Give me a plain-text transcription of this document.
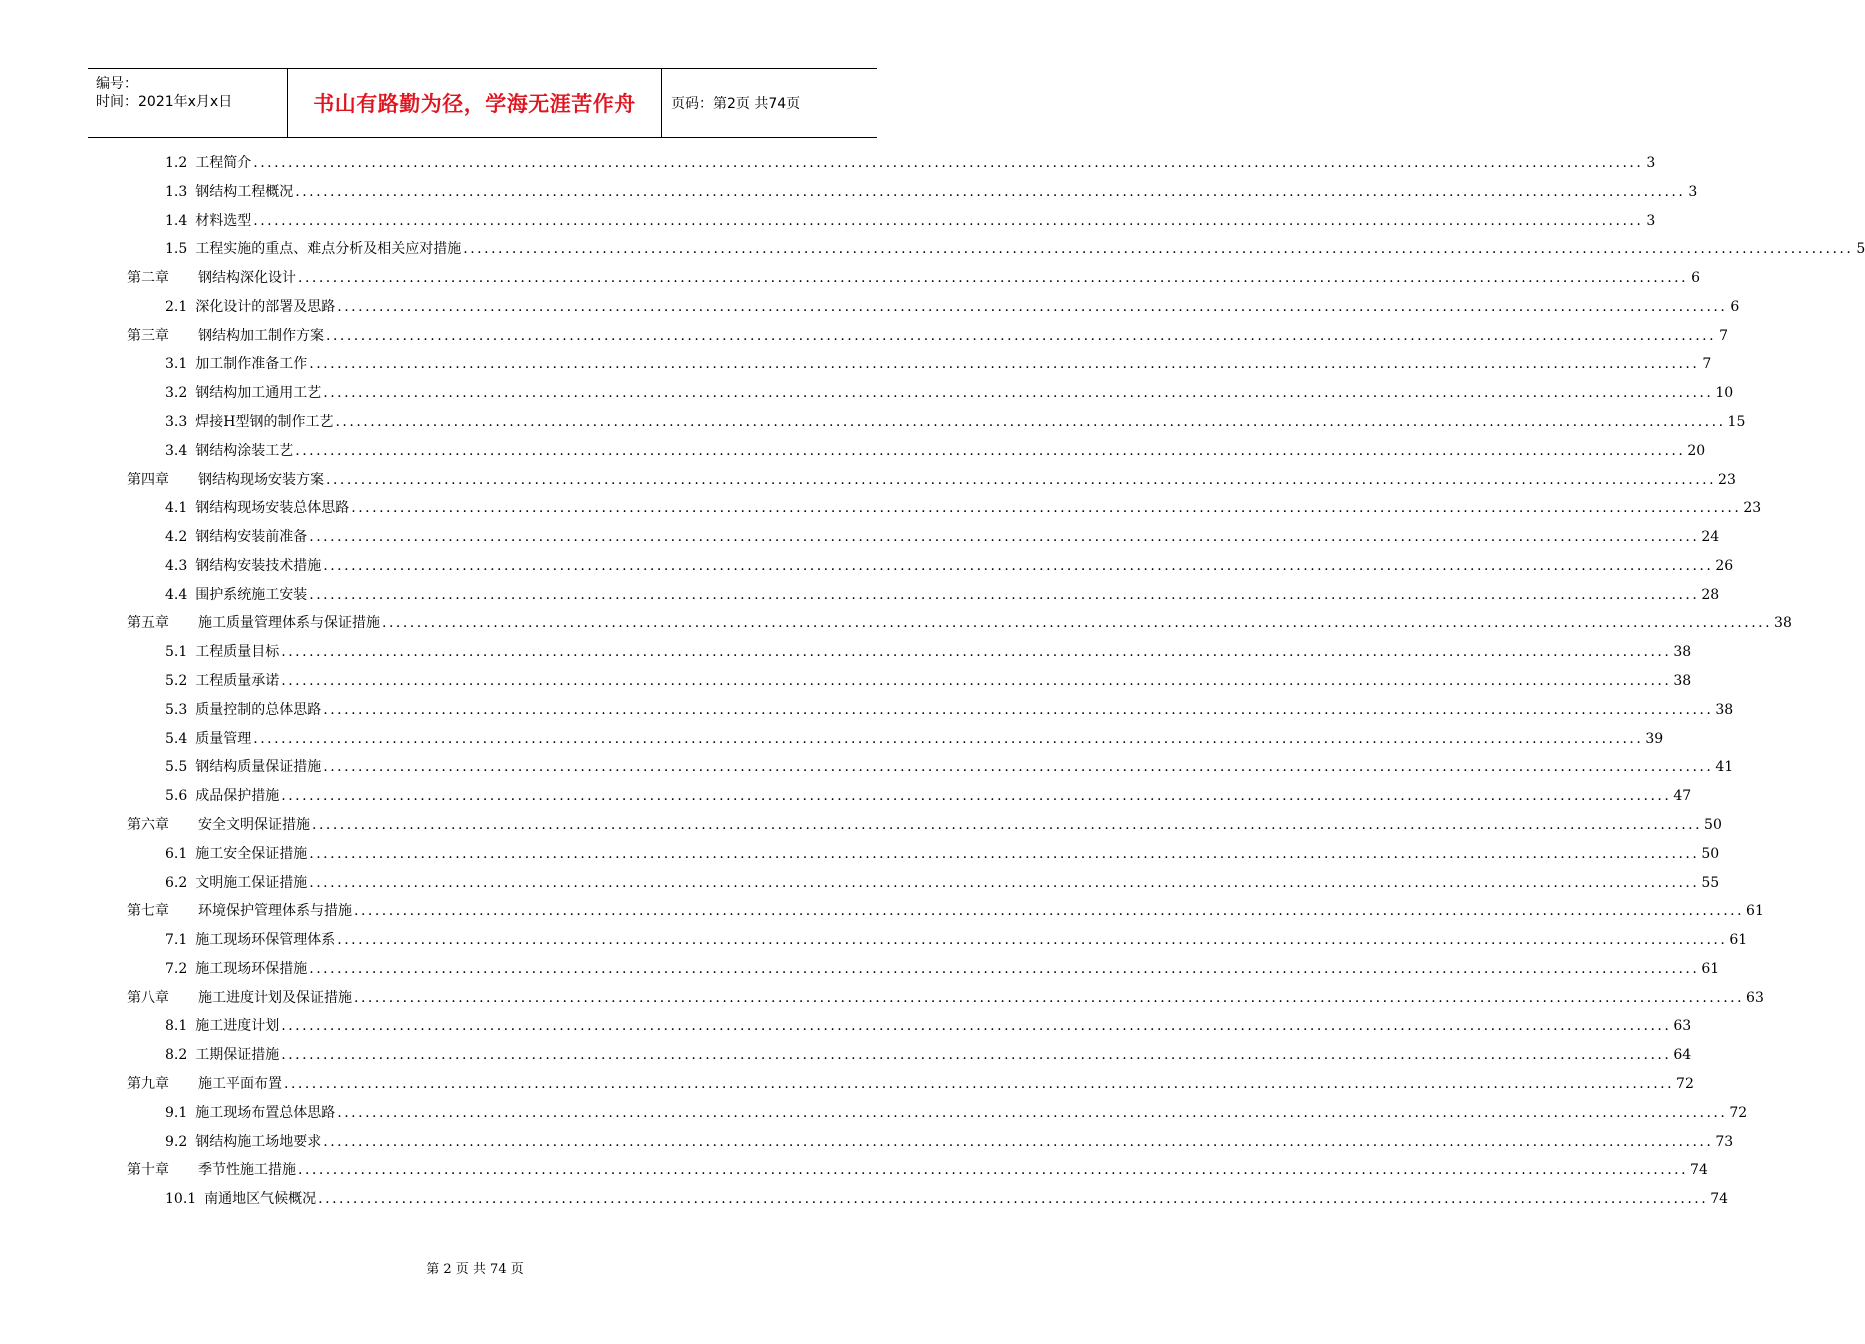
编号：
时间：2021年x月x日	书山有路勤为径，学海无涯苦作舟	页码：第2页 共74页
1.2 工程简介 ........................................................................................................................................................................................................ 3
1.3 钢结构工程概况 ........................................................................................................................................................................................................ 3
1.4 材料选型 ........................................................................................................................................................................................................ 3
1.5 工程实施的重点、难点分析及相关应对措施 ........................................................................................................................................................................................................ 5
第二章	钢结构深化设计 ........................................................................................................................................................................................................ 6
2.1 深化设计的部署及思路 ........................................................................................................................................................................................................ 6
第三章	钢结构加工制作方案 ........................................................................................................................................................................................................ 7
3.1 加工制作准备工作 ........................................................................................................................................................................................................ 7
3.2 钢结构加工通用工艺 ........................................................................................................................................................................................................ 10
3.3 焊接H型钢的制作工艺 ........................................................................................................................................................................................................ 15
3.4 钢结构涂装工艺 ........................................................................................................................................................................................................ 20
第四章	钢结构现场安装方案 ........................................................................................................................................................................................................ 23
4.1 钢结构现场安装总体思路 ........................................................................................................................................................................................................ 23
4.2 钢结构安装前准备 ........................................................................................................................................................................................................ 24
4.3 钢结构安装技术措施 ........................................................................................................................................................................................................ 26
4.4 围护系统施工安装 ........................................................................................................................................................................................................ 28
第五章	施工质量管理体系与保证措施 ........................................................................................................................................................................................................ 38
5.1 工程质量目标 ........................................................................................................................................................................................................ 38
5.2 工程质量承诺 ........................................................................................................................................................................................................ 38
5.3 质量控制的总体思路 ........................................................................................................................................................................................................ 38
5.4 质量管理 ........................................................................................................................................................................................................ 39
5.5 钢结构质量保证措施 ........................................................................................................................................................................................................ 41
5.6 成品保护措施 ........................................................................................................................................................................................................ 47
第六章	安全文明保证措施 ........................................................................................................................................................................................................ 50
6.1 施工安全保证措施 ........................................................................................................................................................................................................ 50
6.2 文明施工保证措施 ........................................................................................................................................................................................................ 55
第七章	环境保护管理体系与措施 ........................................................................................................................................................................................................ 61
7.1 施工现场环保管理体系 ........................................................................................................................................................................................................ 61
7.2 施工现场环保措施 ........................................................................................................................................................................................................ 61
第八章	施工进度计划及保证措施 ........................................................................................................................................................................................................ 63
8.1 施工进度计划 ........................................................................................................................................................................................................ 63
8.2 工期保证措施 ........................................................................................................................................................................................................ 64
第九章	施工平面布置 ........................................................................................................................................................................................................ 72
9.1 施工现场布置总体思路 ........................................................................................................................................................................................................ 72
9.2 钢结构施工场地要求 ........................................................................................................................................................................................................ 73
第十章	季节性施工措施 ........................................................................................................................................................................................................ 74
10.1 南通地区气候概况 ........................................................................................................................................................................................................ 74
第 2 页 共 74 页
